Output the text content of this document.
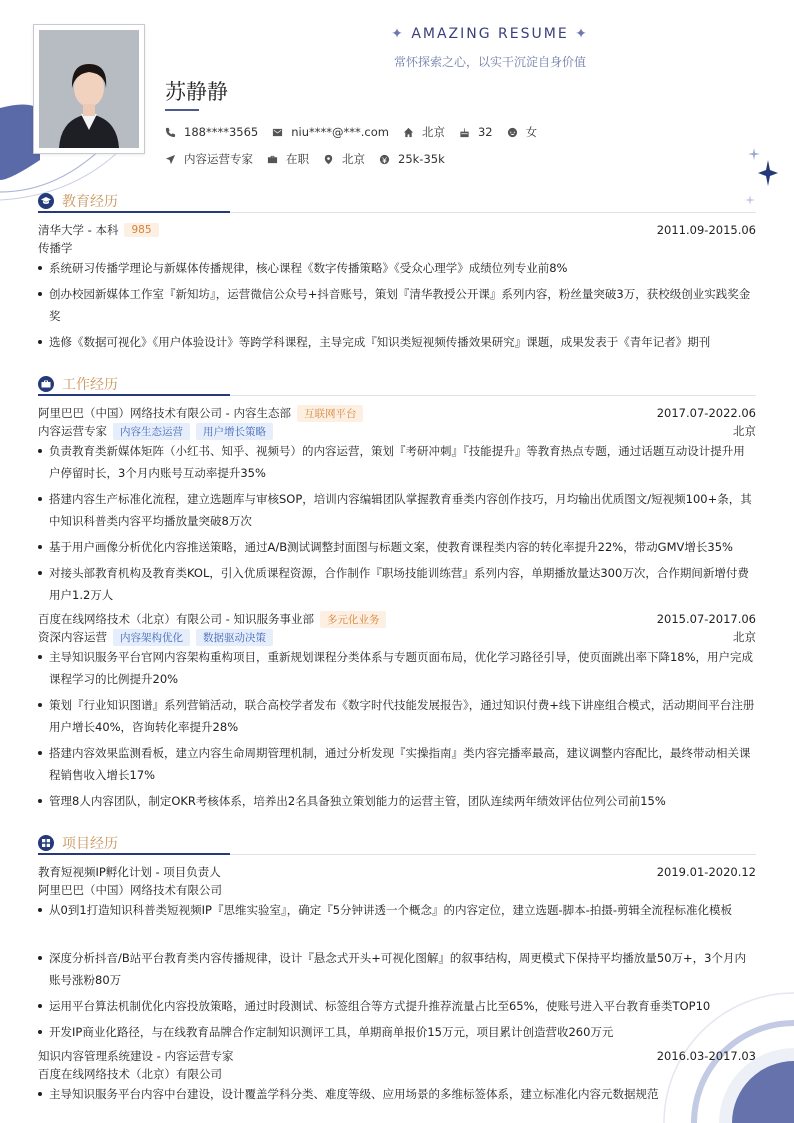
✦ AMAZING RESUME ✦
常怀探索之心，以实干沉淀自身价值
苏静静
188****3565	niu****@***.com	北京	32	女
内容运营专家	在职	北京	25k-35k
教育经历
清华大学 - 本科	985	2011.09-2015.06
传播学
系统研习传播学理论与新媒体传播规律，核心课程《数字传播策略》《受众心理学》成绩位列专业前8%
创办校园新媒体工作室『新知坊』，运营微信公众号+抖音账号，策划『清华教授公开课』系列内容，粉丝量突破3万，获校级创业实践奖金奖
选修《数据可视化》《用户体验设计》等跨学科课程，主导完成『知识类短视频传播效果研究』课题，成果发表于《青年记者》期刊
工作经历
阿里巴巴（中国）网络技术有限公司 - 内容生态部	互联网平台	2017.07-2022.06
内容运营专家	内容生态运营	用户增长策略	北京
负责教育类新媒体矩阵（小红书、知乎、视频号）的内容运营，策划『考研冲刺』『技能提升』等教育热点专题，通过话题互动设计提升用户停留时长，3个月内账号互动率提升35%
搭建内容生产标准化流程，建立选题库与审核SOP，培训内容编辑团队掌握教育垂类内容创作技巧，月均输出优质图文/短视频100+条，其中知识科普类内容平均播放量突破8万次
基于用户画像分析优化内容推送策略，通过A/B测试调整封面图与标题文案，使教育课程类内容的转化率提升22%，带动GMV增长35%
对接头部教育机构及教育类KOL，引入优质课程资源，合作制作『职场技能训练营』系列内容，单期播放量达300万次，合作期间新增付费用户1.2万人
百度在线网络技术（北京）有限公司 - 知识服务事业部	多元化业务	2015.07-2017.06
资深内容运营	内容架构优化	数据驱动决策	北京
主导知识服务平台官网内容架构重构项目，重新规划课程分类体系与专题页面布局，优化学习路径引导，使页面跳出率下降18%，用户完成课程学习的比例提升20%
策划『行业知识图谱』系列营销活动，联合高校学者发布《数字时代技能发展报告》，通过知识付费+线下讲座组合模式，活动期间平台注册用户增长40%，咨询转化率提升28%
搭建内容效果监测看板，建立内容生命周期管理机制，通过分析发现『实操指南』类内容完播率最高，建议调整内容配比，最终带动相关课程销售收入增长17%
管理8人内容团队，制定OKR考核体系，培养出2名具备独立策划能力的运营主管，团队连续两年绩效评估位列公司前15%
项目经历
教育短视频IP孵化计划 - 项目负责人	2019.01-2020.12
阿里巴巴（中国）网络技术有限公司
从0到1打造知识科普类短视频IP『思维实验室』，确定『5分钟讲透一个概念』的内容定位，建立选题-脚本-拍摄-剪辑全流程标准化模板
深度分析抖音/B站平台教育类内容传播规律，设计『悬念式开头+可视化图解』的叙事结构，周更模式下保持平均播放量50万+，3个月内账号涨粉80万
运用平台算法机制优化内容投放策略，通过时段测试、标签组合等方式提升推荐流量占比至65%，使账号进入平台教育垂类TOP10
开发IP商业化路径，与在线教育品牌合作定制知识测评工具，单期商单报价15万元，项目累计创造营收260万元
知识内容管理系统建设 - 内容运营专家	2016.03-2017.03
百度在线网络技术（北京）有限公司
主导知识服务平台内容中台建设，设计覆盖学科分类、难度等级、应用场景的多维标签体系，建立标准化内容元数据规范
